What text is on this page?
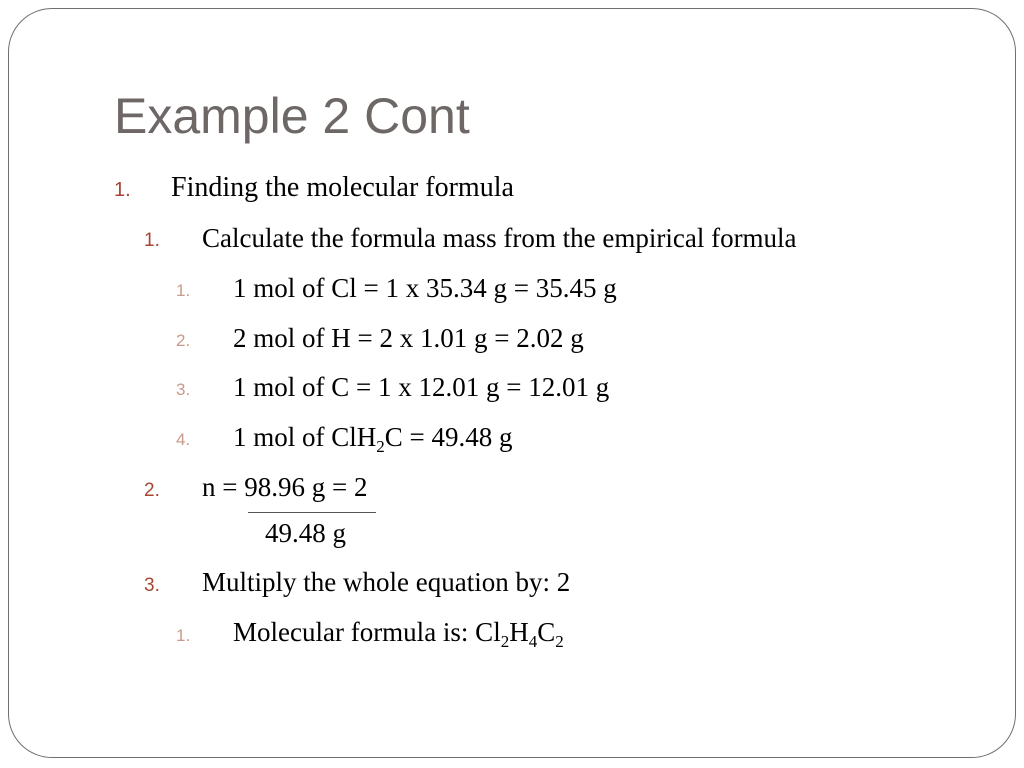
Example 2 Cont
1. Finding the molecular formula
1. Calculate the formula mass from the empirical formula
1. 1 mol of Cl = 1 x 35.34 g = 35.45 g
2. 2 mol of H = 2 x 1.01 g = 2.02 g
3. 1 mol of C = 1 x 12.01 g = 12.01 g
4. 1 mol of ClH$_2$C = 49.48 g
2. n = 98.96 g = 2
49.48 g
3. Multiply the whole equation by: 2
1. Molecular formula is: $Cl_2H_4C_2$
